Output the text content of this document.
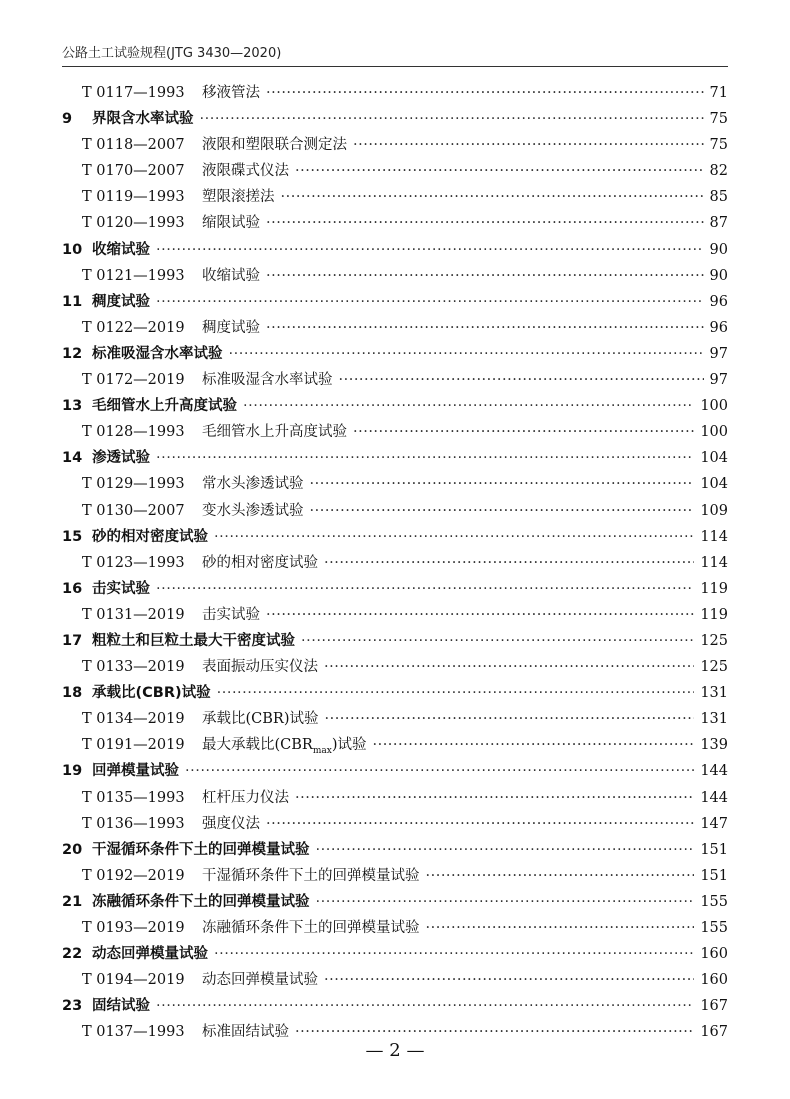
公路土工试验规程(JTG 3430—2020)
T 0117—1993	移液管法 ·····	71
9	界限含水率试验 ·····	75
T 0118—2007	液限和塑限联合测定法 ·····	75
T 0170—2007	液限碟式仪法 ·····	82
T 0119—1993	塑限滚搓法 ·····	85
T 0120—1993	缩限试验 ·····	87
10 收缩试验 ·····	90
T 0121—1993	收缩试验 ·····	90
11 稠度试验 ·····	96
T 0122—2019	稠度试验 ·····	96
12 标准吸湿含水率试验 ·····	97
T 0172—2019	标准吸湿含水率试验 ·····	97
13 毛细管水上升高度试验 ·····	100
T 0128—1993	毛细管水上升高度试验 ·····	100
14 渗透试验 ·····	104
T 0129—1993	常水头渗透试验 ·····	104
T 0130—2007	变水头渗透试验 ·····	109
15 砂的相对密度试验 ·····	114
T 0123—1993	砂的相对密度试验 ·····	114
16 击实试验 ·····	119
T 0131—2019	击实试验 ·····	119
17 粗粒土和巨粒土最大干密度试验 ·····	125
T 0133—2019	表面振动压实仪法 ·····	125
18 承载比(CBR)试验 ·····	131
T 0134—2019	承载比(CBR)试验 ·····	131
T 0191—2019	最大承载比$(CBR_{max})$试验 ·····	139
19 回弹模量试验 ·····	144
T 0135—1993	杠杆压力仪法 ·····	144
T 0136—1993	强度仪法 ·····	147
20 干湿循环条件下土的回弹模量试验 ·····	151
T 0192—2019	干湿循环条件下土的回弹模量试验 ·····	151
21 冻融循环条件下土的回弹模量试验 ·····	155
T 0193—2019	冻融循环条件下土的回弹模量试验 ·····	155
22 动态回弹模量试验 ·····	160
T 0194—2019	动态回弹模量试验 ·····	160
23 固结试验 ·····	167
T 0137—1993	标准固结试验 ·····	167
— 2 —
